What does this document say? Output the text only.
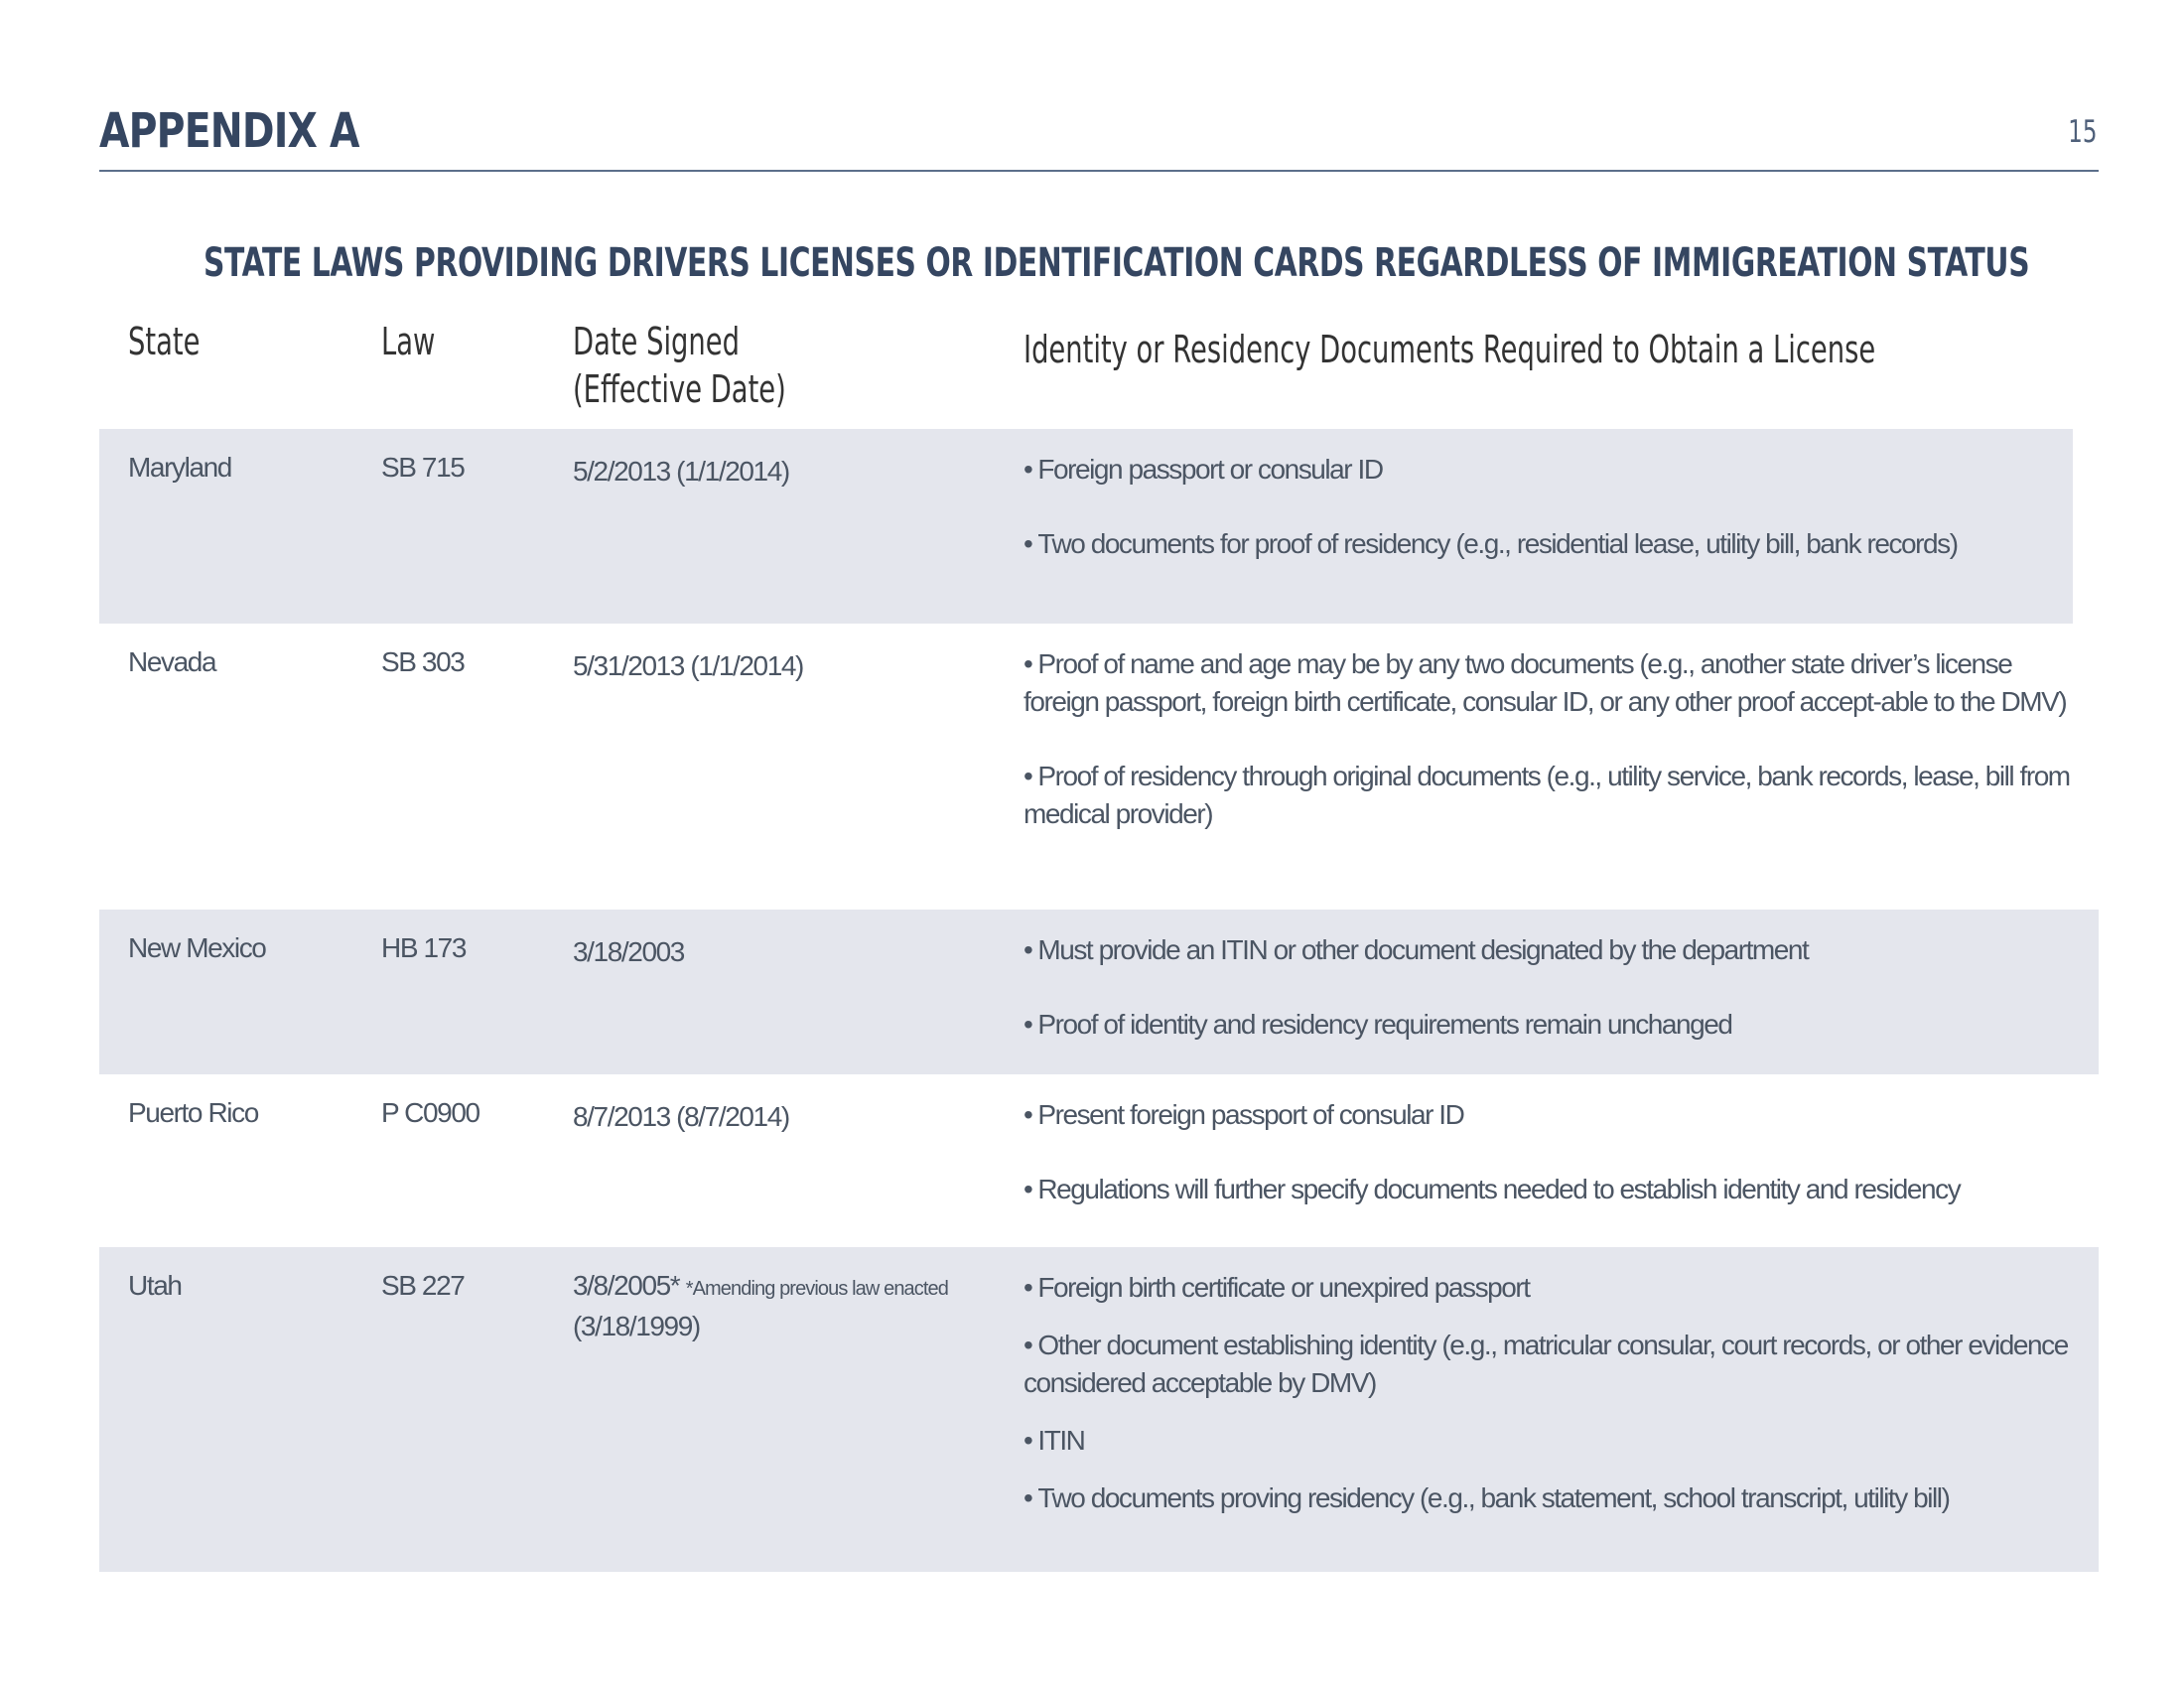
APPENDIX A	15
STATE LAWS PROVIDING DRIVERS LICENSES OR IDENTIFICATION CARDS REGARDLESS OF IMMIGREATION STATUS
State	Law	Date Signed
(Effective Date)
Identity or Residency Documents Required to Obtain a License
Maryland	SB 715	5/2/2013 (1/1/2014)	• Foreign passport or consular ID
• Two documents for proof of residency (e.g., residential lease, utility bill, bank records)
Nevada	SB 303	5/31/2013 (1/1/2014)	• Proof of name and age may be by any two documents (e.g., another state driver’s license foreign passport, foreign birth certificate, consular ID, or any other proof accept-able to the DMV)
• Proof of residency through original documents (e.g., utility service, bank records, lease, bill from medical provider)
New Mexico	HB 173	3/18/2003	• Must provide an ITIN or other document designated by the department
• Proof of identity and residency requirements remain unchanged
Puerto Rico	P C0900	8/7/2013 (8/7/2014)	• Present foreign passport of consular ID
• Regulations will further specify documents needed to establish identity and residency
Utah	SB 227	3/8/2005* *Amending previous law enacted
(3/18/1999)
• Foreign birth certificate or unexpired passport
• Other document establishing identity (e.g., matricular consular, court records, or other evidence considered acceptable by DMV)
• ITIN
• Two documents proving residency (e.g., bank statement, school transcript, utility bill)
